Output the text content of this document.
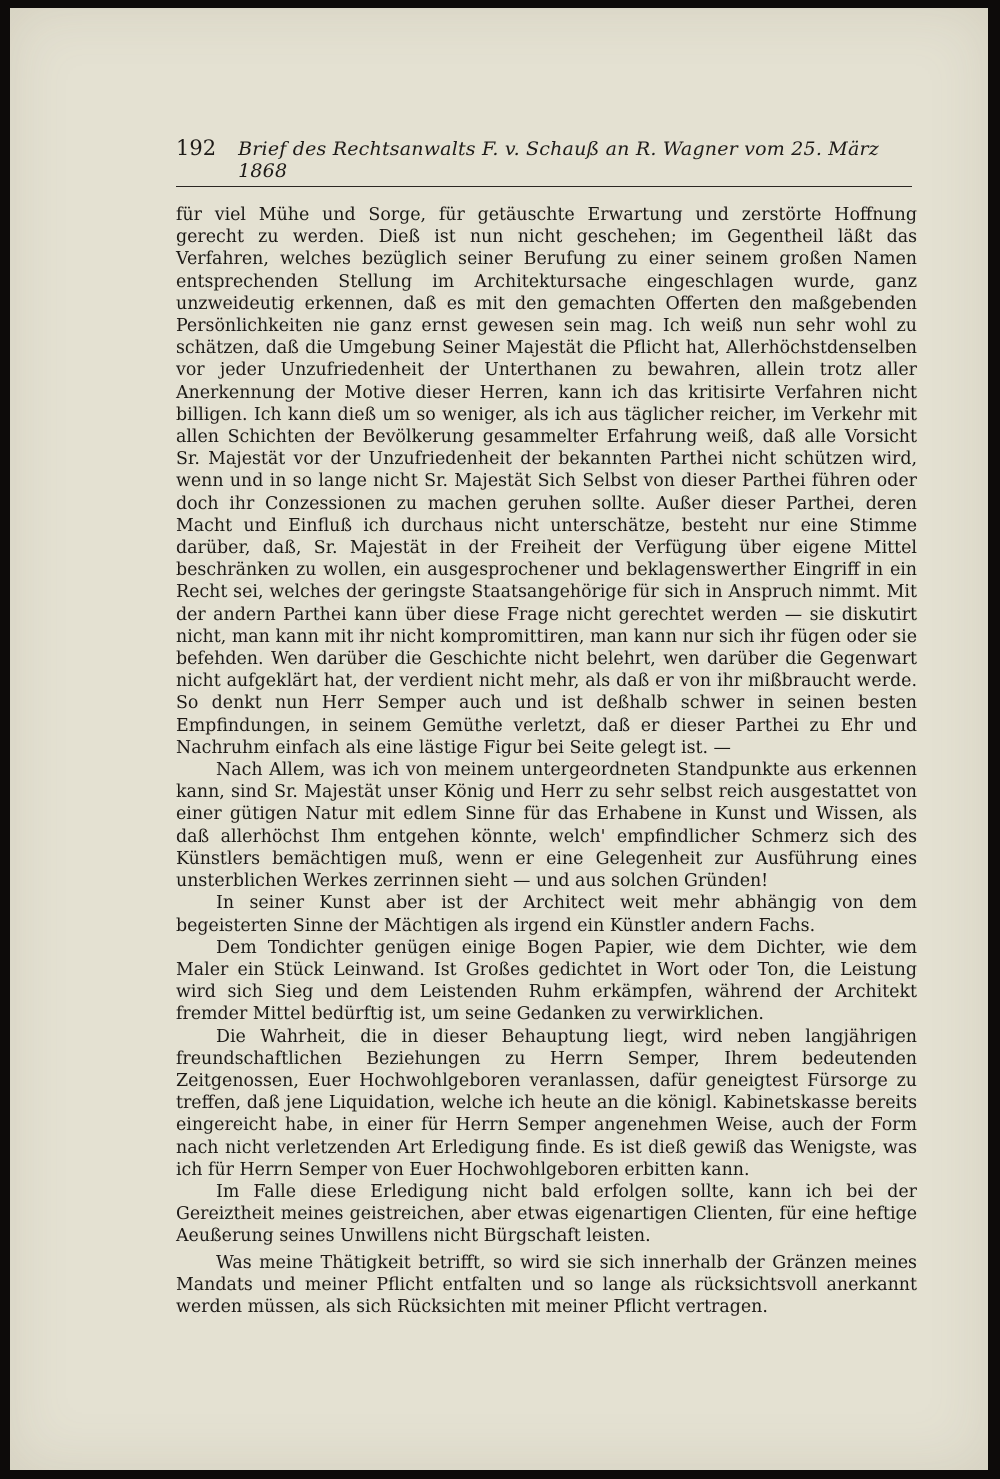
192 Brief des Rechtsanwalts F. v. Schauß an R. Wagner vom 25. März 1868

für viel Mühe und Sorge, für getäuschte Erwartung und zerstörte Hoffnung gerecht zu werden. Dieß ist nun nicht geschehen; im Gegentheil läßt das Verfahren, welches bezüglich seiner Berufung zu einer seinem großen Namen entsprechenden Stellung im Architektursache eingeschlagen wurde, ganz unzweideutig erkennen, daß es mit den gemachten Offerten den maßgebenden Persönlichkeiten nie ganz ernst gewesen sein mag. Ich weiß nun sehr wohl zu schätzen, daß die Umgebung Seiner Majestät die Pflicht hat, Allerhöchstdenselben vor jeder Unzufriedenheit der Unterthanen zu bewahren, allein trotz aller Anerkennung der Motive dieser Herren, kann ich das kritisirte Verfahren nicht billigen. Ich kann dieß um so weniger, als ich aus täglicher reicher, im Verkehr mit allen Schichten der Bevölkerung gesammelter Erfahrung weiß, daß alle Vorsicht Sr. Majestät vor der Unzufriedenheit der bekannten Parthei nicht schützen wird, wenn und in so lange nicht Sr. Majestät Sich Selbst von dieser Parthei führen oder doch ihr Conzessionen zu machen geruhen sollte. Außer dieser Parthei, deren Macht und Einfluß ich durchaus nicht unterschätze, besteht nur eine Stimme darüber, daß, Sr. Majestät in der Freiheit der Verfügung über eigene Mittel beschränken zu wollen, ein ausgesprochener und beklagenswerther Eingriff in ein Recht sei, welches der geringste Staatsangehörige für sich in Anspruch nimmt. Mit der andern Parthei kann über diese Frage nicht gerechtet werden — sie diskutirt nicht, man kann mit ihr nicht kompromittiren, man kann nur sich ihr fügen oder sie befehden. Wen darüber die Geschichte nicht belehrt, wen darüber die Gegenwart nicht aufgeklärt hat, der verdient nicht mehr, als daß er von ihr mißbraucht werde. So denkt nun Herr Semper auch und ist deßhalb schwer in seinen besten Empfindungen, in seinem Gemüthe verletzt, daß er dieser Parthei zu Ehr und Nachruhm einfach als eine lästige Figur bei Seite gelegt ist. —

Nach Allem, was ich von meinem untergeordneten Standpunkte aus erkennen kann, sind Sr. Majestät unser König und Herr zu sehr selbst reich ausgestattet von einer gütigen Natur mit edlem Sinne für das Erhabene in Kunst und Wissen, als daß allerhöchst Ihm entgehen könnte, welch' empfindlicher Schmerz sich des Künstlers bemächtigen muß, wenn er eine Gelegenheit zur Ausführung eines unsterblichen Werkes zerrinnen sieht — und aus solchen Gründen!

In seiner Kunst aber ist der Architect weit mehr abhängig von dem begeisterten Sinne der Mächtigen als irgend ein Künstler andern Fachs.

Dem Tondichter genügen einige Bogen Papier, wie dem Dichter, wie dem Maler ein Stück Leinwand. Ist Großes gedichtet in Wort oder Ton, die Leistung wird sich Sieg und dem Leistenden Ruhm erkämpfen, während der Architekt fremder Mittel bedürftig ist, um seine Gedanken zu verwirklichen.

Die Wahrheit, die in dieser Behauptung liegt, wird neben langjährigen freundschaftlichen Beziehungen zu Herrn Semper, Ihrem bedeutenden Zeitgenossen, Euer Hochwohlgeboren veranlassen, dafür geneigtest Fürsorge zu treffen, daß jene Liquidation, welche ich heute an die königl. Kabinetskasse bereits eingereicht habe, in einer für Herrn Semper angenehmen Weise, auch der Form nach nicht verletzenden Art Erledigung finde. Es ist dieß gewiß das Wenigste, was ich für Herrn Semper von Euer Hochwohlgeboren erbitten kann.

Im Falle diese Erledigung nicht bald erfolgen sollte, kann ich bei der Gereiztheit meines geistreichen, aber etwas eigenartigen Clienten, für eine heftige Aeußerung seines Unwillens nicht Bürgschaft leisten.

Was meine Thätigkeit betrifft, so wird sie sich innerhalb der Gränzen meines Mandats und meiner Pflicht entfalten und so lange als rücksichtsvoll anerkannt werden müssen, als sich Rücksichten mit meiner Pflicht vertragen.
